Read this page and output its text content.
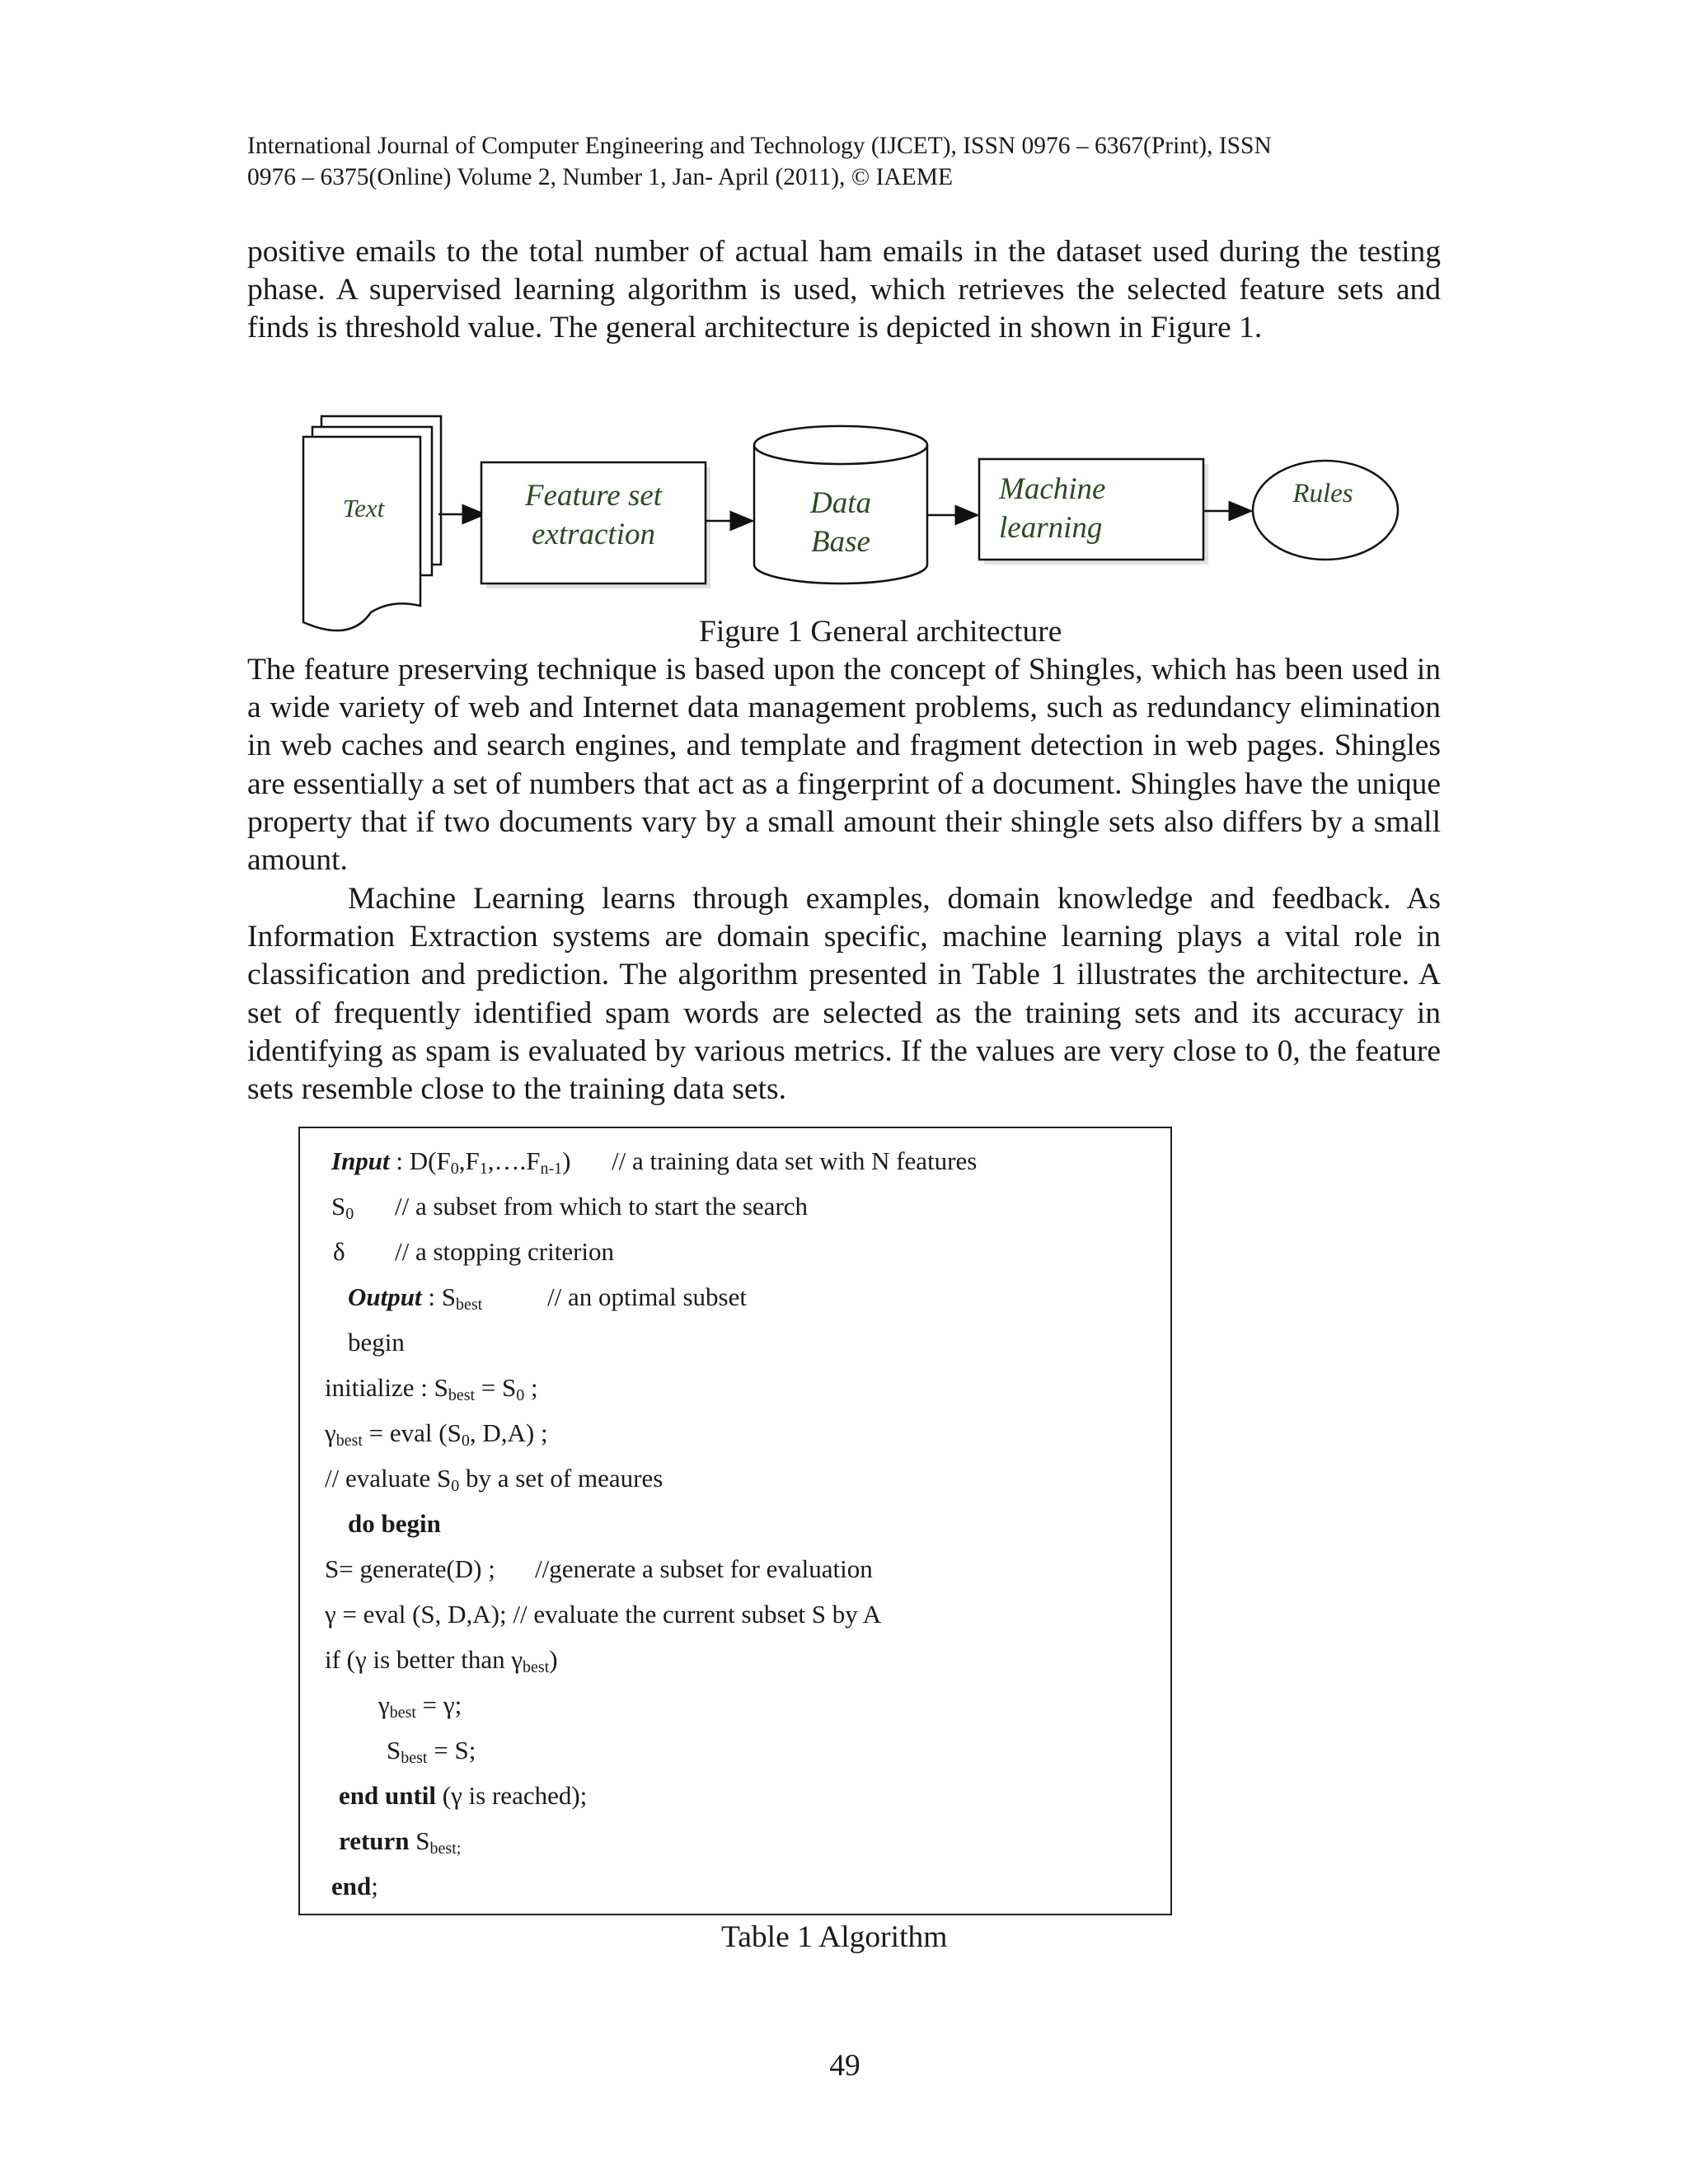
International Journal of Computer Engineering and Technology (IJCET), ISSN 0976 – 6367(Print), ISSN
0976 – 6375(Online) Volume 2, Number 1, Jan- April (2011), © IAEME

positive emails to the total number of actual ham emails in the dataset used during the testing phase. A supervised learning algorithm is used, which retrieves the selected feature sets and finds is threshold value. The general architecture is depicted in shown in Figure 1.

Text	Feature set
extraction
Data
Base
Machine
learning
Rules
Figure 1 General architecture

The feature preserving technique is based upon the concept of Shingles, which has been used in a wide variety of web and Internet data management problems, such as redundancy elimination in web caches and search engines, and template and fragment detection in web pages. Shingles are essentially a set of numbers that act as a fingerprint of a document. Shingles have the unique property that if two documents vary by a small amount their shingle sets also differs by a small amount.

Machine Learning learns through examples, domain knowledge and feedback. As Information Extraction systems are domain specific, machine learning plays a vital role in classification and prediction. The algorithm presented in Table 1 illustrates the architecture. A set of frequently identified spam words are selected as the training sets and its accuracy in identifying as spam is evaluated by various metrics. If the values are very close to 0, the feature sets resemble close to the training data sets.

Input : $D(F_0,F_1,\dots.F_{n-1})$ // a training data set with N features
$S_0$ // a subset from which to start the search
δ // a stopping criterion
Output : $S_{best}$	// an optimal subset
begin
initialize : $S_{best} = S_0$ ;
$\gamma_{best}$ = eval ($S_0$, D,A) ;
// evaluate $S_0$ by a set of meaures
do begin
S= generate(D) ; //generate a subset for evaluation
γ = eval (S, D,A); // evaluate the current subset S by A
if (γ is better than $\gamma_{best}$)
$\gamma_{best} = \gamma$;
$S_{best} = S$;
end until (γ is reached);
return $S_{best;}$
end;
Table 1 Algorithm
49
